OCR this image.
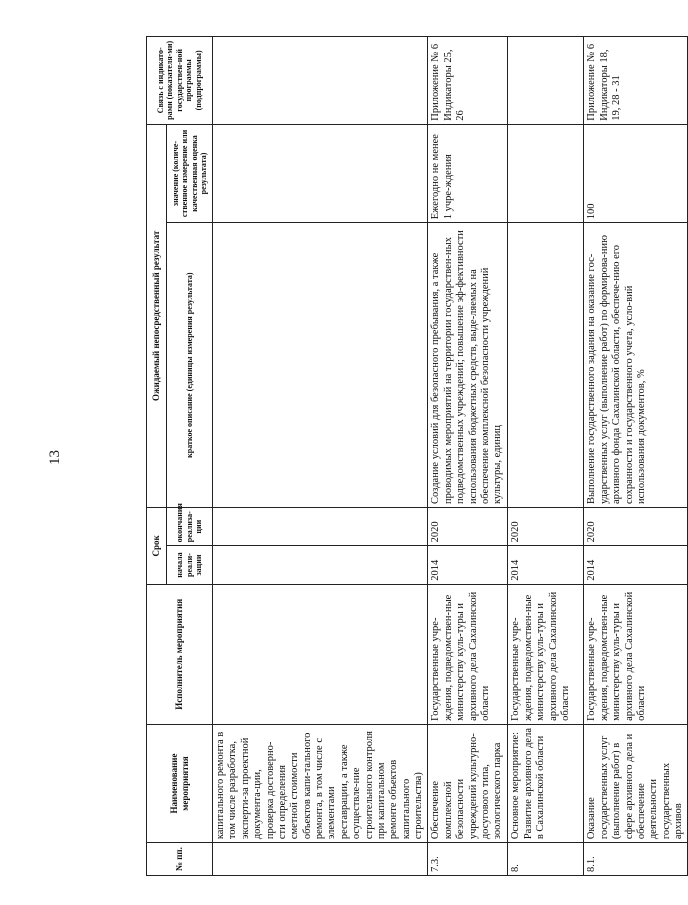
13
№ пп.	Наименование мероприятия	Исполнитель мероприятия	Срок		Ожидаемый непосредственный результат		Связь с индикато-рами (показателя-ми) государствен-ной программы (подпрограммы)
			начала реали-зации	окончания реализа-ции	краткое описание (единицы измерения результата)	значение (количе-ственное измерение или качественная оценка результата)	
	капитального ремонта в том числе разработка, эксперти-за проектной документа-ции, проверка достоверно-сти определения сметной стоимости объектов капи-тального ремонта, в том числе с элементами реставрации, а также осуществле-ние строительного контроля при капитальном ремонте объектов капитального строительства)						
7.3.	Обеспечение комплексной безопасности учреждений культурно-досугового типа, зоологического парка	Государственные учре-ждения, подведомствен-ные министерству куль-туры и архивного дела Сахалинской области	2014	2020	Создание условий для безопасного пребывания, а также проводимых мероприятий на территории государствен-ных подведомственных учреждений; повышение эф-фективности использования бюджетных средств, выде-ляемых на обеспечение комплексной безопасности учреждений культуры, единиц	Ежегодно не менее 1 учре-ждения	Приложение № 6 Индикаторы 25, 26
8.	Основное мероприятие: Развитие архивного дела в Сахалинской области	Государственные учре-ждения, подведомствен-ные министерству куль-туры и архивного дела Сахалинской области	2014	2020			
8.1.	Оказание государственных услуг (выполнение работ) в сфере архивного дела и обеспечение деятельности государственных архивов	Государственные учре-ждения, подведомствен-ные министерству куль-туры и архивного дела Сахалинской области	2014	2020	Выполнение государственного задания на оказание гос-ударственных услуг (выполнение работ) по формирова-нию архивного фонда Сахалинской области, обеспече-нию его сохранности и государственного учета, усло-вий использования документов, %	100	Приложение № 6 Индикаторы 18, 19, 28 - 31
